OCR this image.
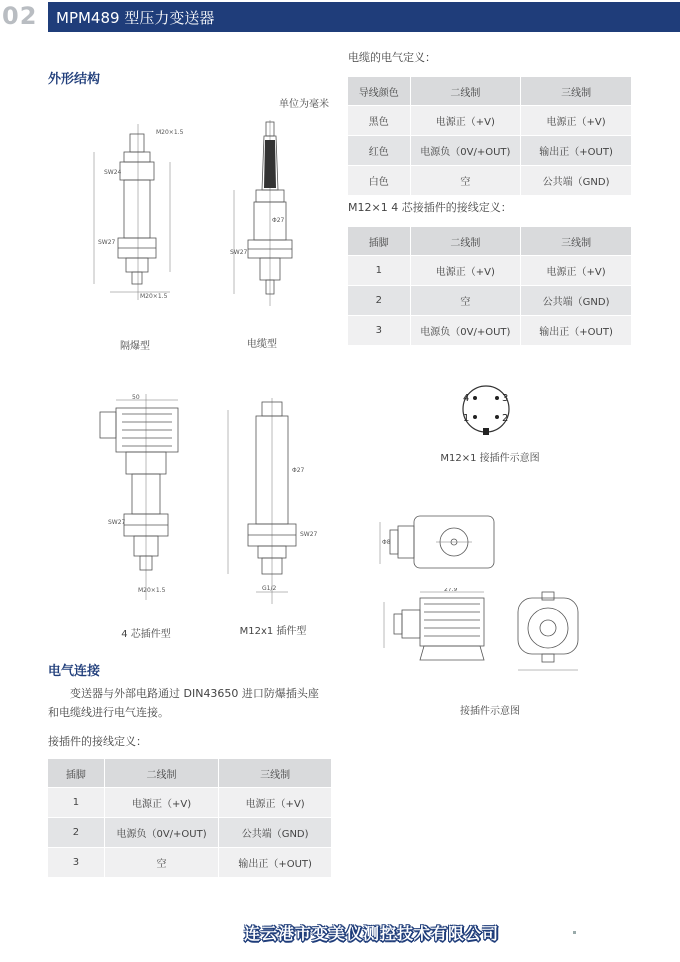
02 MPM489 型压力变送器
外形结构
单位为毫米
M20×1.5
SW24
SW27
M20×1.5
Φ27
SW27
隔爆型	电缆型
50
SW27
M20×1.5
Φ27
SW27
G1/2
4 芯插件型	M12x1 插件型
电缆的电气定义：
导线颜色	二线制	三线制
黑色	电源正（+V)	电源正（+V)
红色	电源负（0V/+OUT)	输出正（+OUT)
白色	空	公共端（GND)
M12×1 4 芯接插件的接线定义：
插脚	二线制	三线制
1	电源正（+V)	电源正（+V)
2	空	公共端（GND)
3	电源负（0V/+OUT)	输出正（+OUT)
4	3
1	2
M12×1 接插件示意图
Φ8
27.9
接插件示意图
电气连接
变送器与外部电路通过 DIN43650 进口防爆插头座
和电缆线进行电气连接。
接插件的接线定义：
插脚	二线制	三线制
1	电源正（+V)	电源正（+V)
2	电源负（0V/+OUT)	公共端（GND)
3	空	输出正（+OUT)
连云港市变美仪测控技术有限公司
